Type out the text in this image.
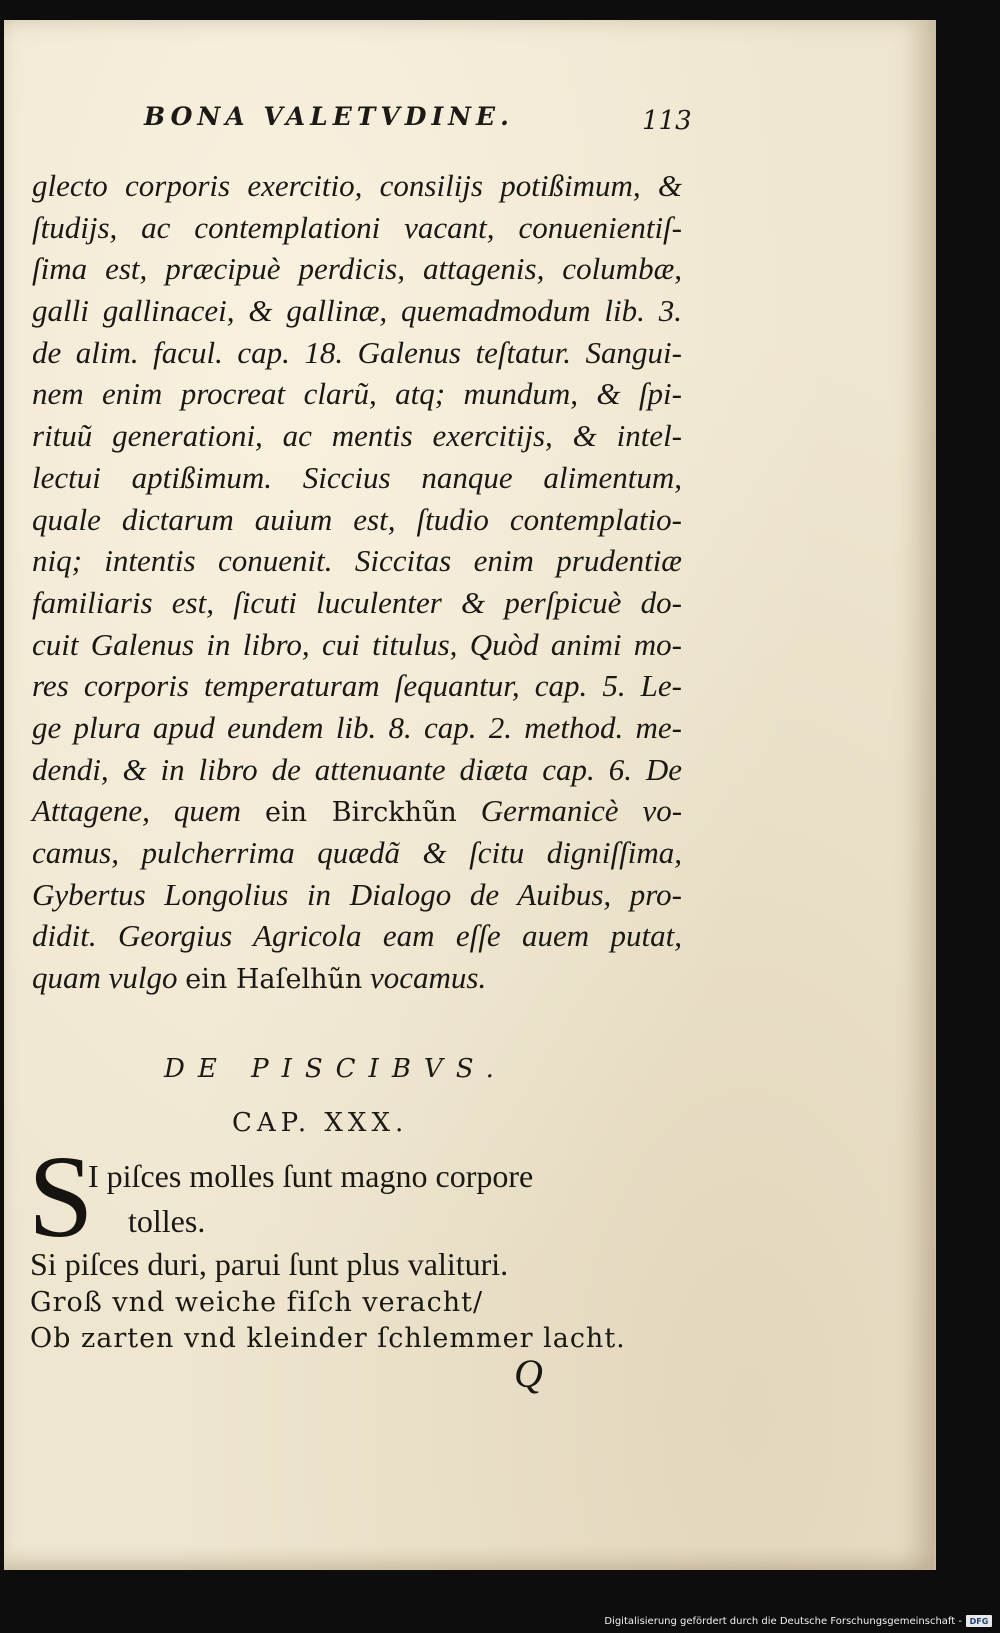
BONA VALETVDINE.	113
glecto corporis exercitio, consilijs potißimum, &
ſtudijs, ac contemplationi vacant, conuenientiſ-
ſima est, præcipuè perdicis, attagenis, columbæ,
galli gallinacei, & gallinæ, quemadmodum lib. 3.
de alim. facul. cap. 18. Galenus teſtatur. Sangui-
nem enim procreat clarũ, atq; mundum, & ſpi-
rituũ generationi, ac mentis exercitijs, & intel-
lectui aptißimum. Siccius nanque alimentum,
quale dictarum auium est, ſtudio contemplatio-
niq; intentis conuenit. Siccitas enim prudentiæ
familiaris est, ſicuti luculenter & perſpicuè do-
cuit Galenus in libro, cui titulus, Quòd animi mo-
res corporis temperaturam ſequantur, cap. 5. Le-
ge plura apud eundem lib. 8. cap. 2. method. me-
dendi, & in libro de attenuante diæta cap. 6. De
Attagene, quem ein Birckhũn Germanicè vo-
camus, pulcherrima quædã & ſcitu digniſſima,
Gybertus Longolius in Dialogo de Auibus, pro-
didit. Georgius Agricola eam eſſe auem putat,
quam vulgo ein Haſelhũn vocamus.
DE PISCIBVS.
CAP. XXX.
S
I piſces molles ſunt magno corpore
tolles.
Si piſces duri, parui ſunt plus valituri.
Groß vnd weiche fiſch veracht/
Ob zarten vnd kleinder ſchlemmer lacht.
Q
Digitalisierung gefördert durch die Deutsche Forschungsgemeinschaft - DFG
